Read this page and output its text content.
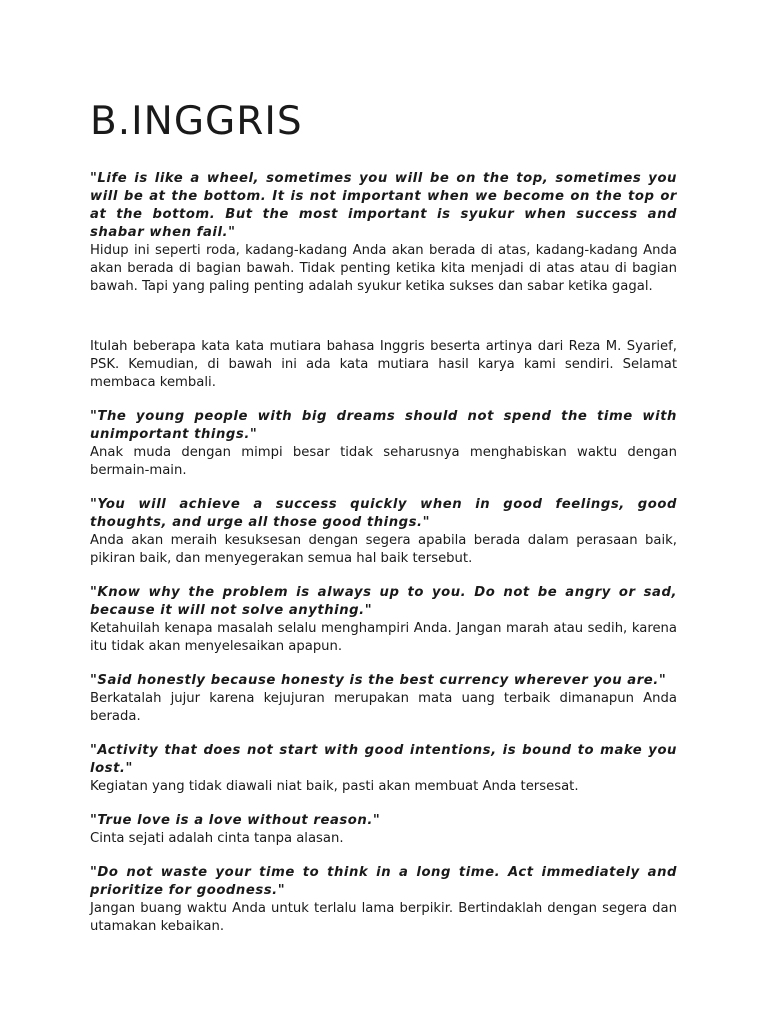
B.INGGRIS
"Life is like a wheel, sometimes you will be on the top, sometimes you will be at the bottom. It is not important when we become on the top or at the bottom. But the most important is syukur when success and shabar when fail."
Hidup ini seperti roda, kadang-kadang Anda akan berada di atas, kadang-kadang Anda akan berada di bagian bawah. Tidak penting ketika kita menjadi di atas atau di bagian bawah. Tapi yang paling penting adalah syukur ketika sukses dan sabar ketika gagal.
Itulah beberapa kata kata mutiara bahasa Inggris beserta artinya dari Reza M. Syarief, PSK. Kemudian, di bawah ini ada kata mutiara hasil karya kami sendiri. Selamat membaca kembali.
"The young people with big dreams should not spend the time with unimportant things."
Anak muda dengan mimpi besar tidak seharusnya menghabiskan waktu dengan bermain-main.
"You will achieve a success quickly when in good feelings, good thoughts, and urge all those good things."
Anda akan meraih kesuksesan dengan segera apabila berada dalam perasaan baik, pikiran baik, dan menyegerakan semua hal baik tersebut.
"Know why the problem is always up to you. Do not be angry or sad, because it will not solve anything."
Ketahuilah kenapa masalah selalu menghampiri Anda. Jangan marah atau sedih, karena itu tidak akan menyelesaikan apapun.
"Said honestly because honesty is the best currency wherever you are."
Berkatalah jujur karena kejujuran merupakan mata uang terbaik dimanapun Anda berada.
"Activity that does not start with good intentions, is bound to make you lost."
Kegiatan yang tidak diawali niat baik, pasti akan membuat Anda tersesat.
"True love is a love without reason."
Cinta sejati adalah cinta tanpa alasan.
"Do not waste your time to think in a long time. Act immediately and prioritize for goodness."
Jangan buang waktu Anda untuk terlalu lama berpikir. Bertindaklah dengan segera dan utamakan kebaikan.
